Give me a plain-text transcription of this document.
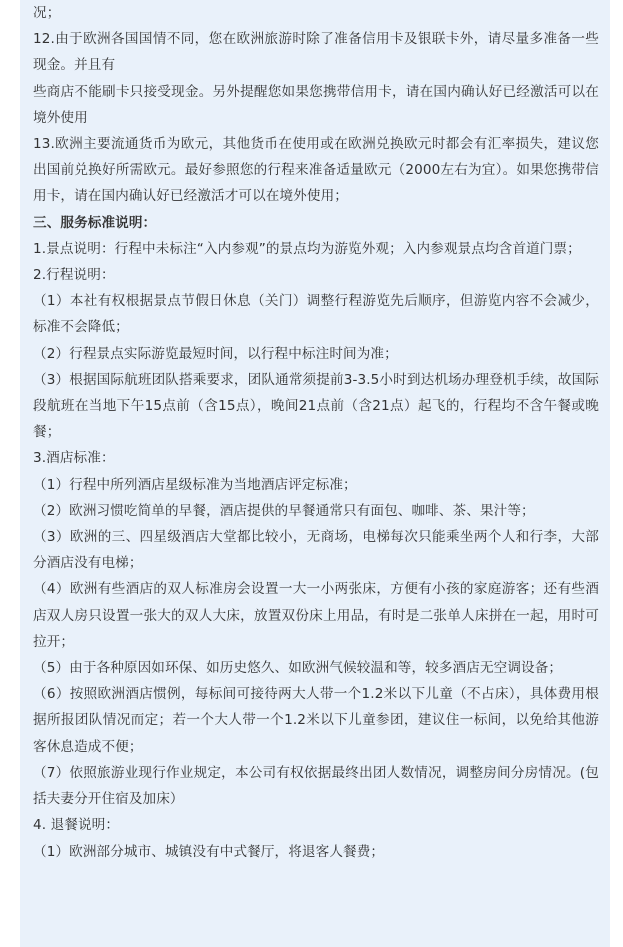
况；

12.由于欧洲各国国情不同，您在欧洲旅游时除了准备信用卡及银联卡外，请尽量多准备一些现金。并且有

些商店不能刷卡只接受现金。另外提醒您如果您携带信用卡，请在国内确认好已经激活可以在境外使用

13.欧洲主要流通货币为欧元，其他货币在使用或在欧洲兑换欧元时都会有汇率损失，建议您出国前兑换好所需欧元。最好参照您的行程来准备适量欧元（2000左右为宜）。如果您携带信用卡，请在国内确认好已经激活才可以在境外使用；

三、服务标准说明：

1.景点说明：行程中未标注“入内参观”的景点均为游览外观；入内参观景点均含首道门票；

2.行程说明：

（1）本社有权根据景点节假日休息（关门）调整行程游览先后顺序，但游览内容不会减少，标准不会降低；

（2）行程景点实际游览最短时间，以行程中标注时间为准；

（3）根据国际航班团队搭乘要求，团队通常须提前3-3.5小时到达机场办理登机手续，故国际段航班在当地下午15点前（含15点），晚间21点前（含21点）起飞的，行程均不含午餐或晚餐；

3.酒店标准：

（1）行程中所列酒店星级标准为当地酒店评定标准；

（2）欧洲习惯吃简单的早餐，酒店提供的早餐通常只有面包、咖啡、茶、果汁等；

（3）欧洲的三、四星级酒店大堂都比较小，无商场，电梯每次只能乘坐两个人和行李，大部分酒店没有电梯；

（4）欧洲有些酒店的双人标准房会设置一大一小两张床，方便有小孩的家庭游客；还有些酒店双人房只设置一张大的双人大床，放置双份床上用品，有时是二张单人床拼在一起，用时可拉开；

（5）由于各种原因如环保、如历史悠久、如欧洲气候较温和等，较多酒店无空调设备；

（6）按照欧洲酒店惯例，每标间可接待两大人带一个1.2米以下儿童（不占床），具体费用根据所报团队情况而定；若一个大人带一个1.2米以下儿童参团，建议住一标间，以免给其他游客休息造成不便；

（7）依照旅游业现行作业规定，本公司有权依据最终出团人数情况，调整房间分房情况。(包括夫妻分开住宿及加床）

4. 退餐说明：

（1）欧洲部分城市、城镇没有中式餐厅，将退客人餐费；
